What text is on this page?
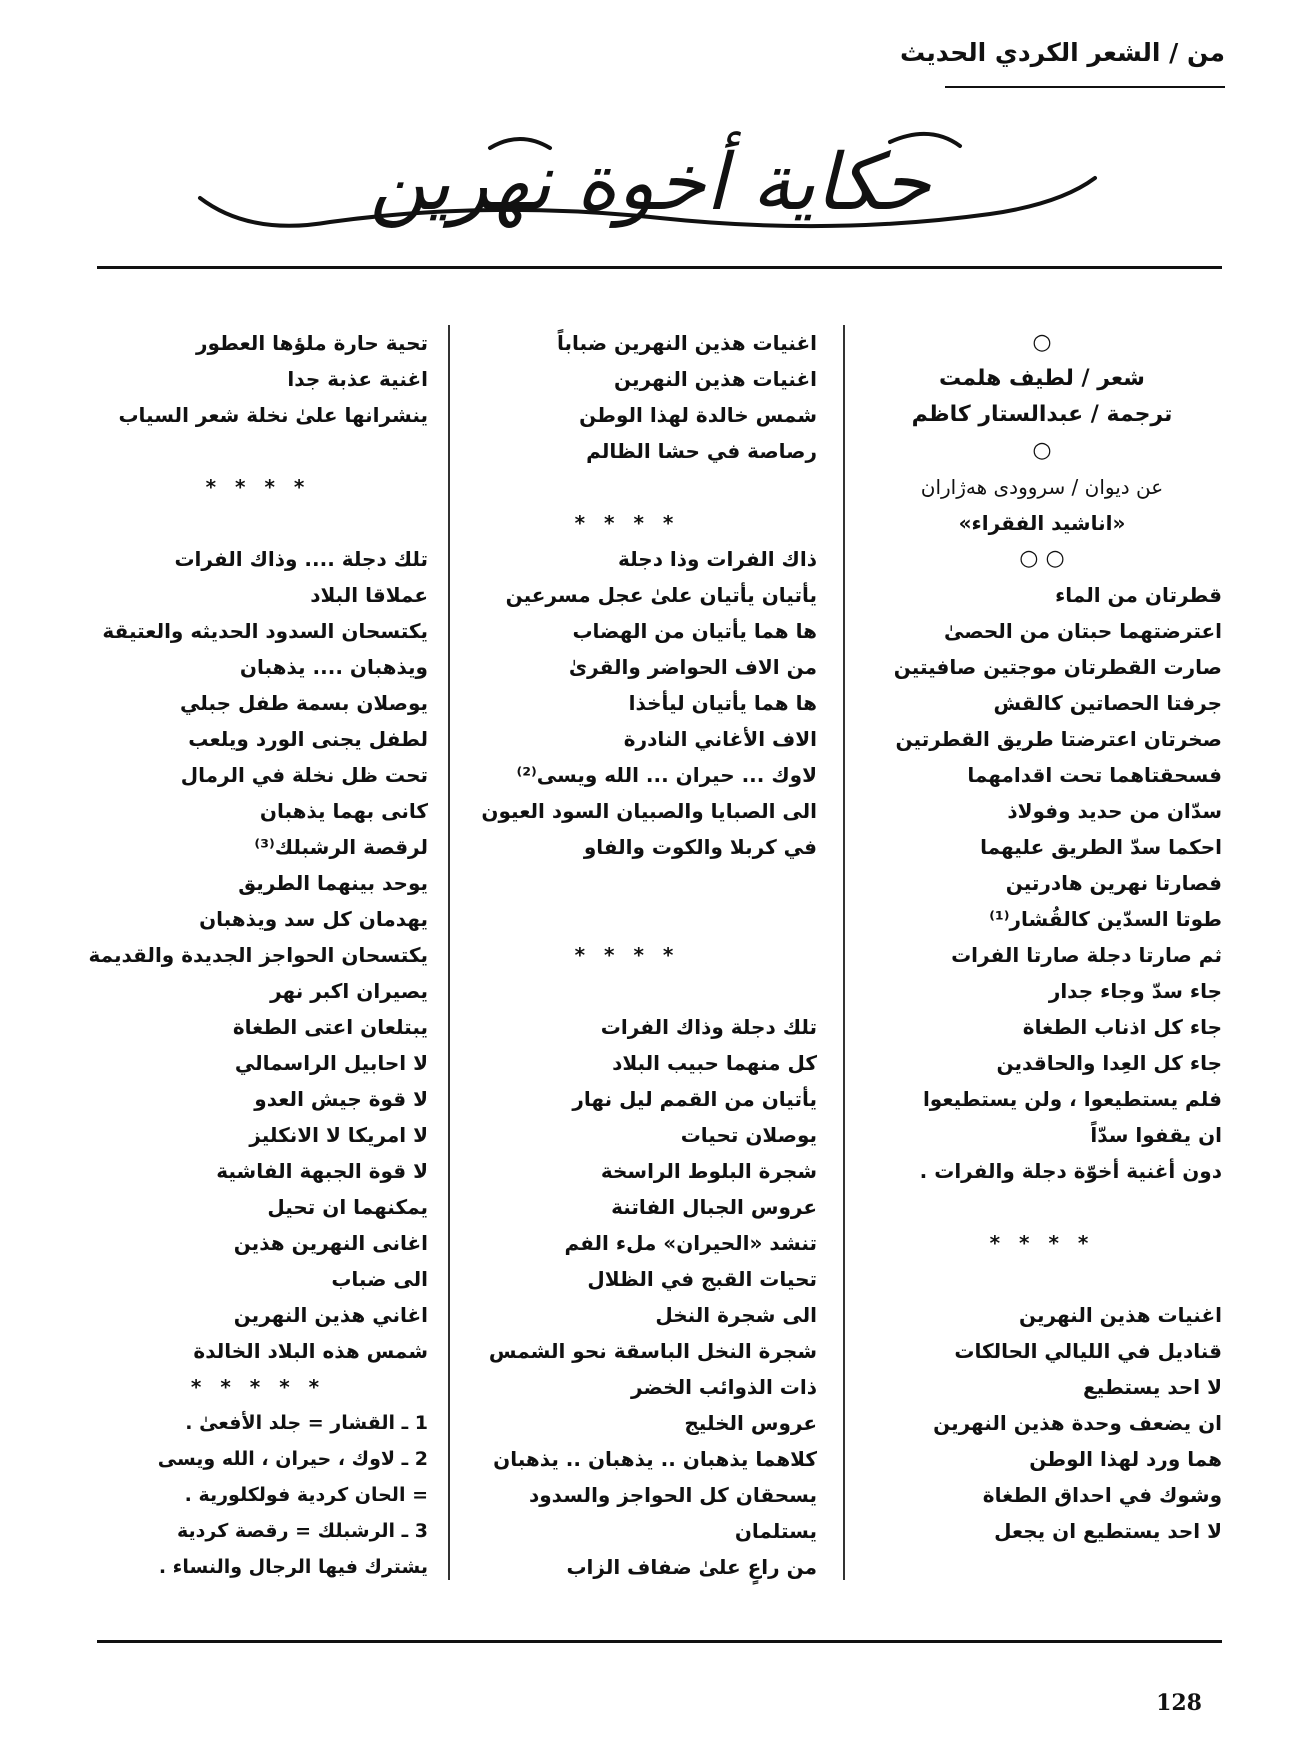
من / الشعر الكردي الحديث
حكاية أخوة نهرين
○
شعر / لطيف هلمت
ترجمة / عبدالستار كاظم
○
عن ديوان / سروودى هه‌ژاران
«اناشيد الفقراء»
○ ○
قطرتان من الماء
اعترضتهما حبتان من الحصىٰ
صارت القطرتان موجتين صافيتين
جرفتا الحصاتين كالقش
صخرتان اعترضتا طريق القطرتين
فسحقتاهما تحت اقدامهما
سدّان من حديد وفولاذ
احكما سدّ الطريق عليهما
فصارتا نهرين هادرتين
طوتا السدّين كالقُشار⁽¹⁾
ثم صارتا دجلة صارتا الفرات
جاء سدّ وجاء جدار
جاء كل اذناب الطغاة
جاء كل العِدا والحاقدين
فلم يستطيعوا ، ولن يستطيعوا
ان يقفوا سدّاً
دون أغنية أخوّة دجلة والفرات .
* * * *
اغنيات هذين النهرين
قناديل في الليالي الحالكات
لا احد يستطيع
ان يضعف وحدة هذين النهرين
هما ورد لهذا الوطن
وشوك في احداق الطغاة
لا احد يستطيع ان يجعل
اغنيات هذين النهرين ضباباً
اغنيات هذين النهرين
شمس خالدة لهذا الوطن
رصاصة في حشا الظالم
* * * *
ذاك الفرات وذا دجلة
يأتيان يأتيان علىٰ عجل مسرعين
ها هما يأتيان من الهضاب
من الاف الحواضر والقرىٰ
ها هما يأتيان ليأخذا
الاف الأغاني النادرة
لاوك ... حيران ... الله ويسى⁽²⁾
الى الصبايا والصبيان السود العيون
في كربلا والكوت والفاو
* * * *
تلك دجلة وذاك الفرات
كل منهما حبيب البلاد
يأتيان من القمم ليل نهار
يوصلان تحيات
شجرة البلوط الراسخة
عروس الجبال الفاتنة
تنشد «الحيران» ملء الفم
تحيات القبج في الظلال
الى شجرة النخل
شجرة النخل الباسقة نحو الشمس
ذات الذوائب الخضر
عروس الخليج
كلاهما يذهبان .. يذهبان .. يذهبان
يسحقان كل الحواجز والسدود
يستلمان
من راعٍ علىٰ ضفاف الزاب
تحية حارة ملؤها العطور
اغنية عذبة جدا
ينشرانها علىٰ نخلة شعر السياب
* * * *
تلك دجلة .... وذاك الفرات
عملاقا البلاد
يكتسحان السدود الحديثه والعتيقة
ويذهبان .... يذهبان
يوصلان بسمة طفل جبلي
لطفل يجنى الورد ويلعب
تحت ظل نخلة في الرمال
كانى بهما يذهبان
لرقصة الرشبلك⁽³⁾
يوحد بينهما الطريق
يهدمان كل سد ويذهبان
يكتسحان الحواجز الجديدة والقديمة
يصيران اكبر نهر
يبتلعان اعتى الطغاة
لا احابيل الراسمالي
لا قوة جيش العدو
لا امريكا لا الانكليز
لا قوة الجبهة الفاشية
يمكنهما ان تحيل
اغانى النهرين هذين
الى ضباب
اغاني هذين النهرين
شمس هذه البلاد الخالدة
* * * * *
1 ـ القشار = جلد الأفعىٰ .
2 ـ لاوك ، حيران ، الله ويسى
= الحان كردية فولكلورية .
3 ـ الرشبلك = رقصة كردية
يشترك فيها الرجال والنساء .
128
